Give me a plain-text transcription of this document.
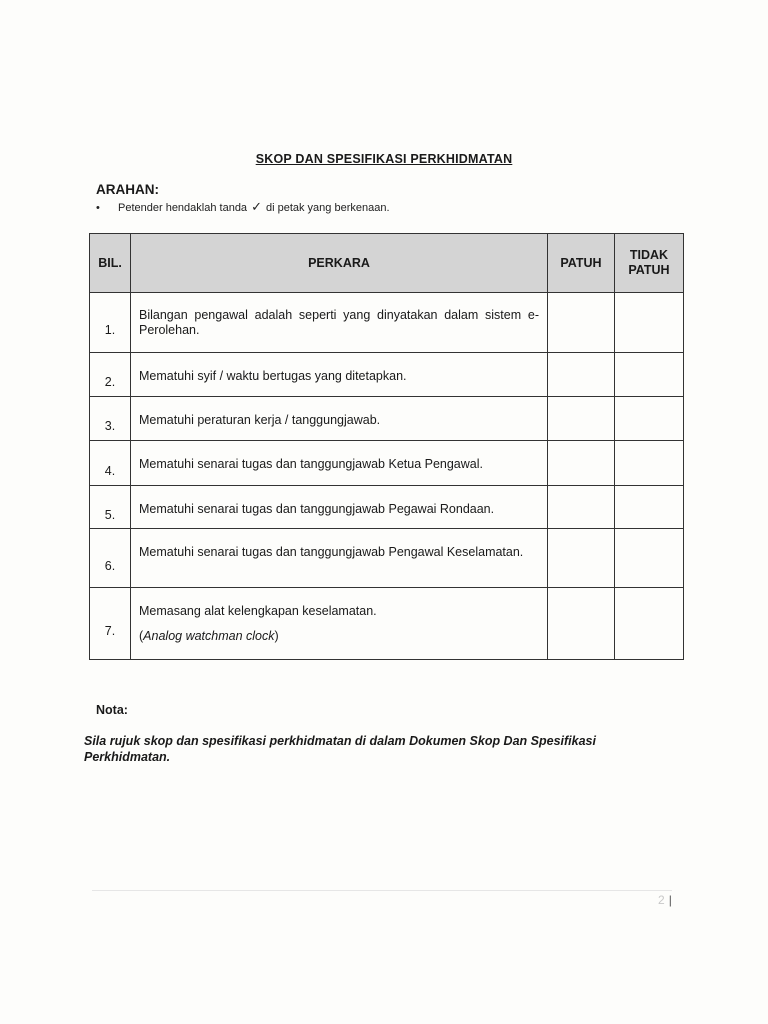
SKOP DAN SPESIFIKASI PERKHIDMATAN
ARAHAN:
• Petender hendaklah tanda ✓ di petak yang berkenaan.
BIL.	PERKARA	PATUH	TIDAK
PATUH
1.	Bilangan pengawal adalah seperti yang dinyatakan dalam sistem e-Perolehan.		
2.	Mematuhi syif / waktu bertugas yang ditetapkan.		
3.	Mematuhi peraturan kerja / tanggungjawab.		
4.	Mematuhi senarai tugas dan tanggungjawab Ketua Pengawal.		
5.	Mematuhi senarai tugas dan tanggungjawab Pegawai Rondaan.		
6.	Mematuhi senarai tugas dan tanggungjawab Pengawal Keselamatan.		
7.	Memasang alat kelengkapan keselamatan.
(Analog watchman clock)		

Nota:
Sila rujuk skop dan spesifikasi perkhidmatan di dalam Dokumen Skop Dan Spesifikasi Perkhidmatan.
2 |
